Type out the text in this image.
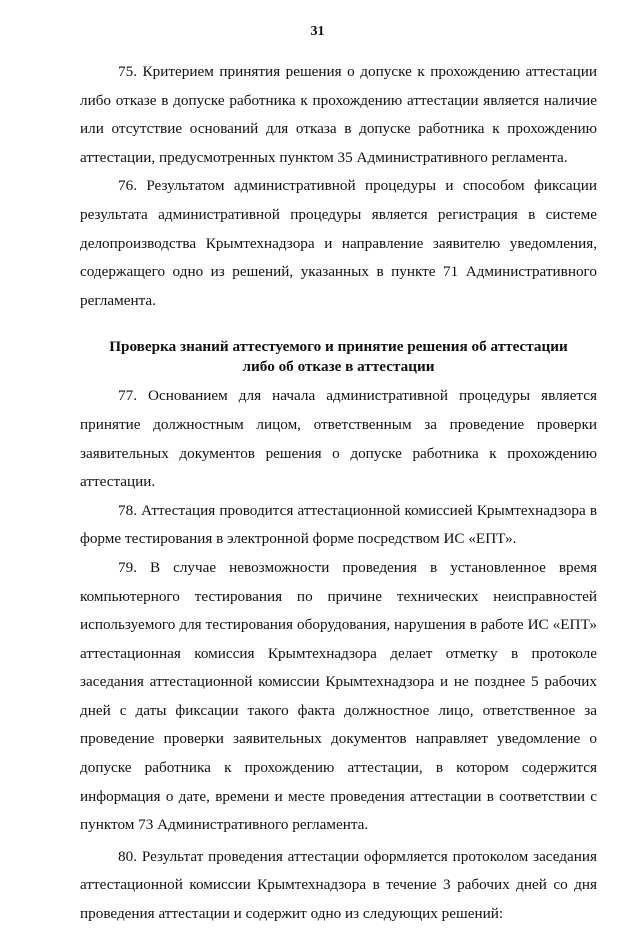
31

75. Критерием принятия решения о допуске к прохождению аттестации либо отказе в допуске работника к прохождению аттестации является наличие или отсутствие оснований для отказа в допуске работника к прохождению аттестации, предусмотренных пунктом 35 Административного регламента.

76. Результатом административной процедуры и способом фиксации результата административной процедуры является регистрация в системе делопроизводства Крымтехнадзора и направление заявителю уведомления, содержащего одно из решений, указанных в пункте 71 Административного регламента.

Проверка знаний аттестуемого и принятие решения об аттестации
либо об отказе в аттестации

77. Основанием для начала административной процедуры является принятие должностным лицом, ответственным за проведение проверки заявительных документов решения о допуске работника к прохождению аттестации.

78. Аттестация проводится аттестационной комиссией Крымтехнадзора в форме тестирования в электронной форме посредством ИС «ЕПТ».

79. В случае невозможности проведения в установленное время компьютерного тестирования по причине технических неисправностей используемого для тестирования оборудования, нарушения в работе ИС «ЕПТ» аттестационная комиссия Крымтехнадзора делает отметку в протоколе заседания аттестационной комиссии Крымтехнадзора и не позднее 5 рабочих дней с даты фиксации такого факта должностное лицо, ответственное за проведение проверки заявительных документов направляет уведомление о допуске работника к прохождению аттестации, в котором содержится информация о дате, времени и месте проведения аттестации в соответствии с пунктом 73 Административного регламента.

80. Результат проведения аттестации оформляется протоколом заседания аттестационной комиссии Крымтехнадзора в течение 3 рабочих дней со дня проведения аттестации и содержит одно из следующих решений:
